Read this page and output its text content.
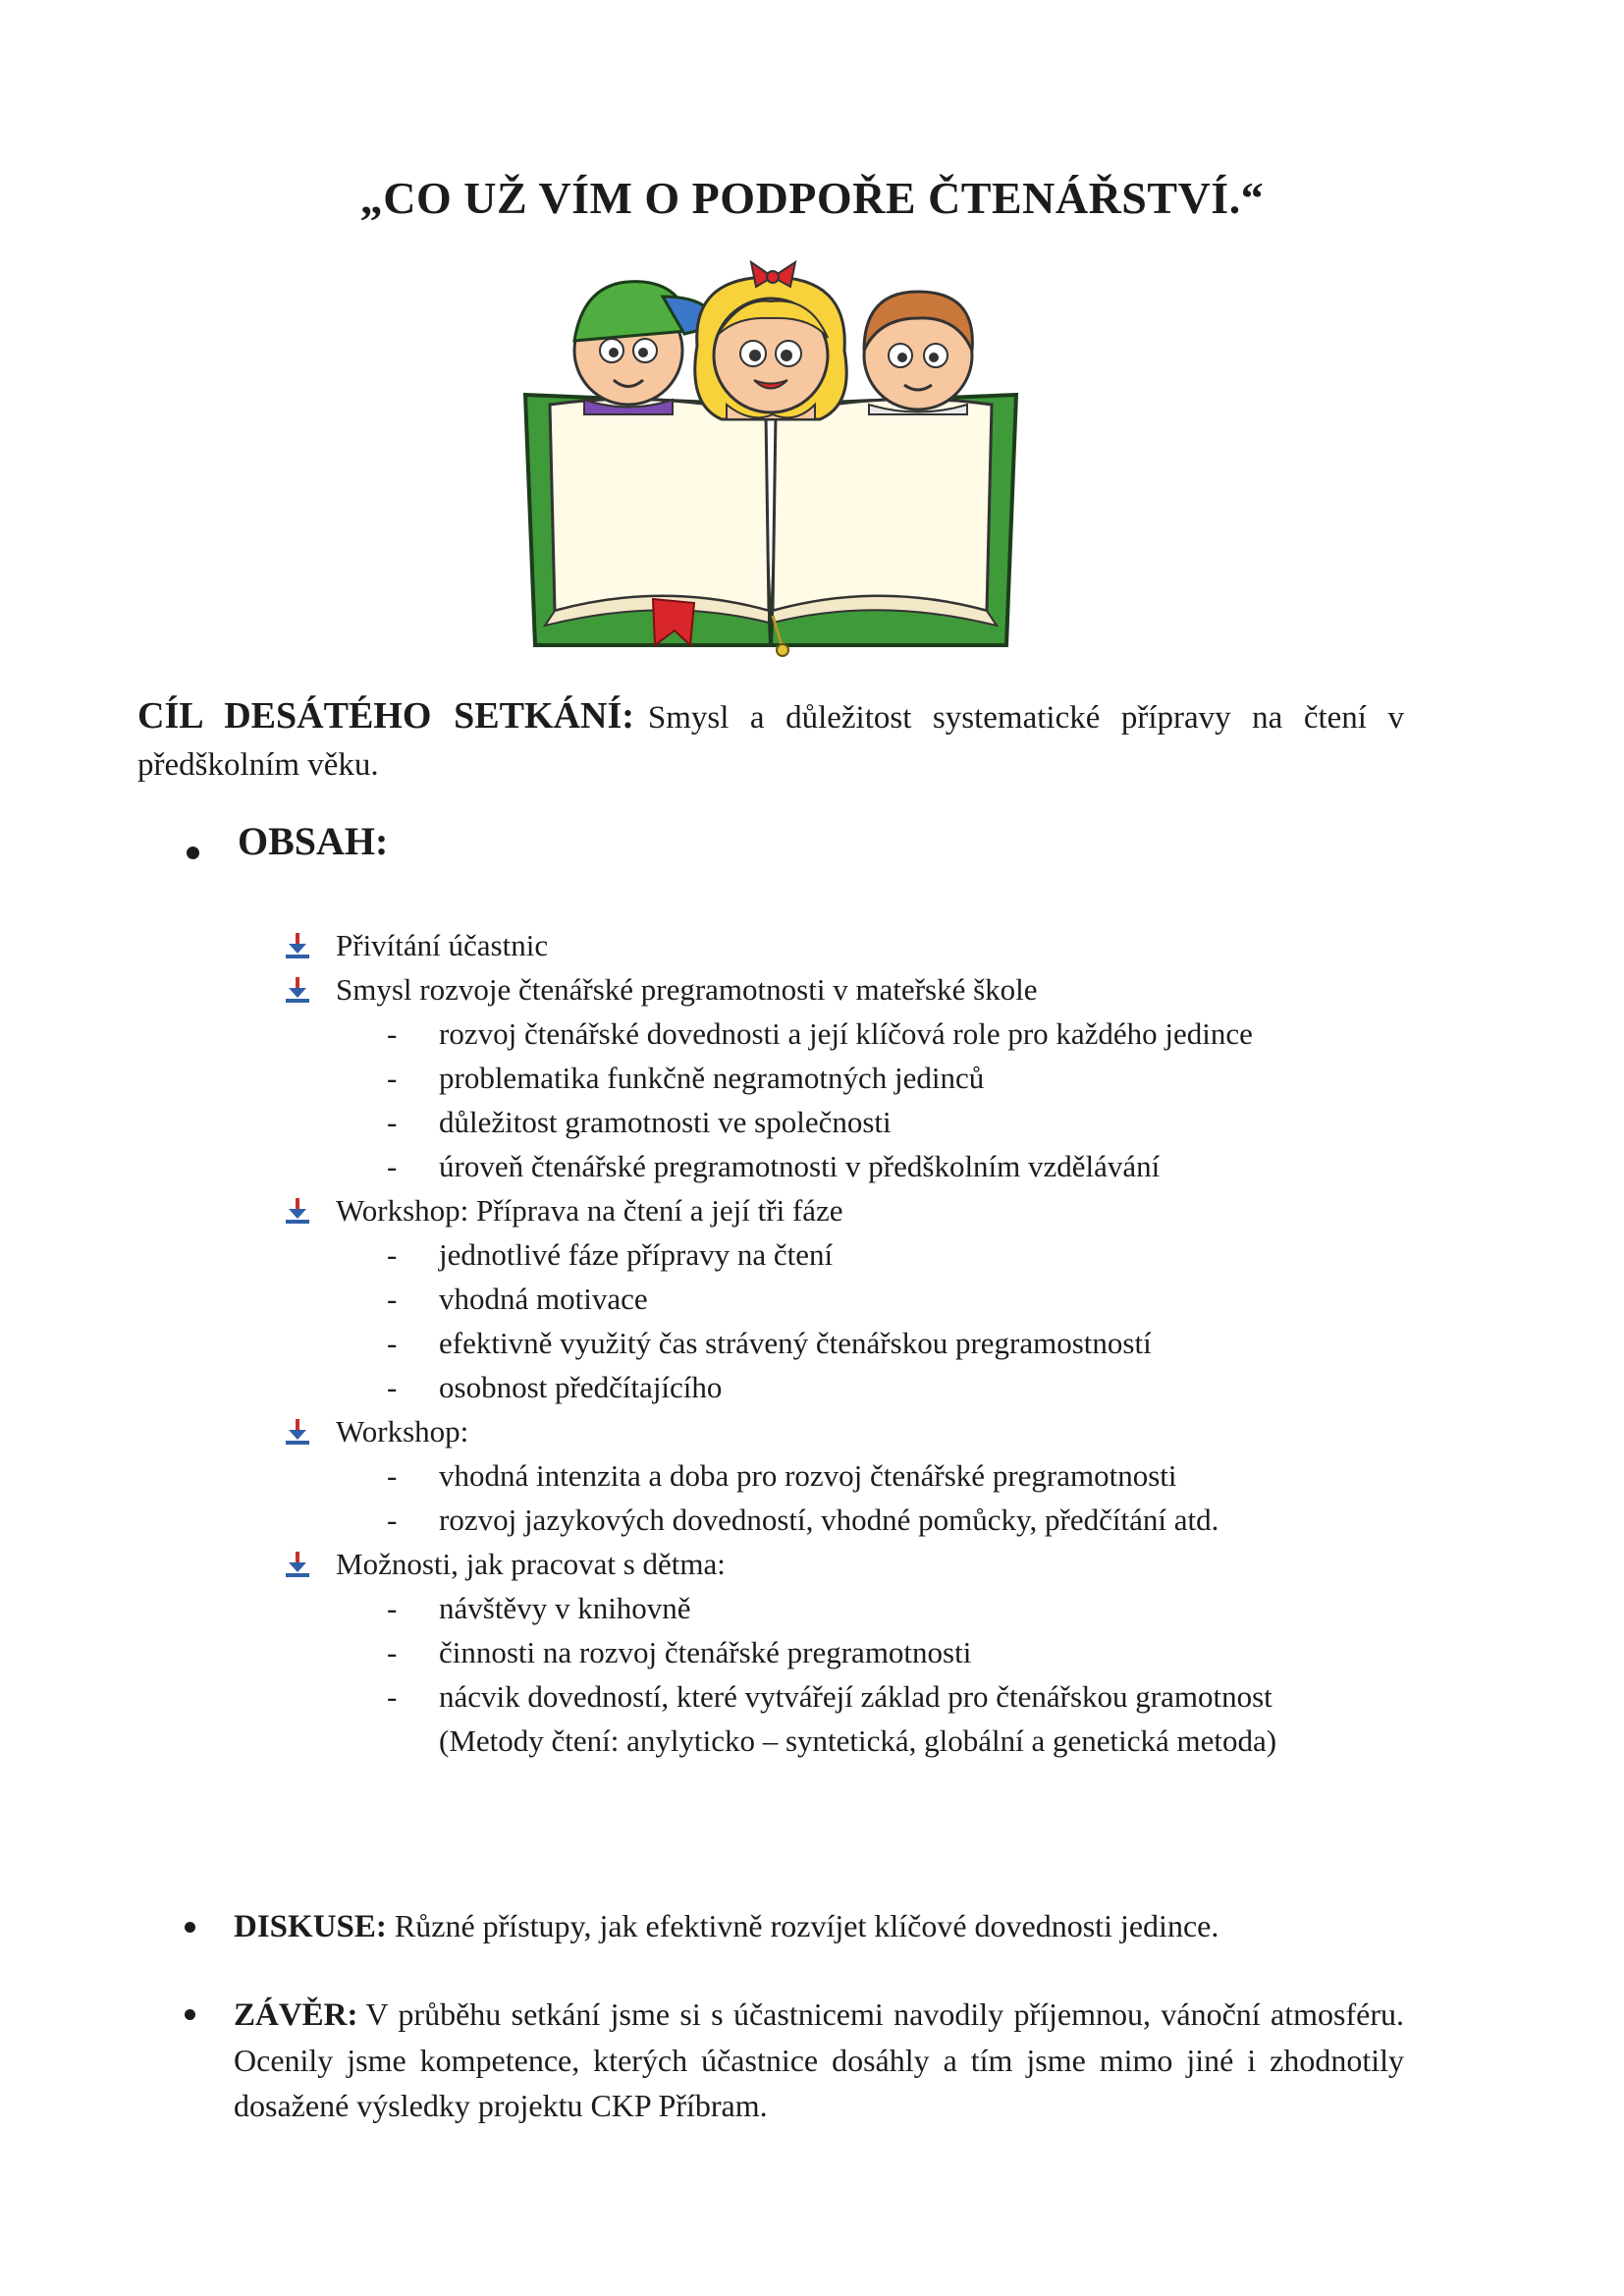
„CO UŽ VÍM O PODPOŘE ČTENÁŘSTVÍ.“
CÍL DESÁTÉHO SETKÁNÍ: Smysl a důležitost systematické přípravy na čtení v předškolním věku.
OBSAH:
Přivítání účastnic
Smysl rozvoje čtenářské pregramotnosti v mateřské škole
- rozvoj čtenářské dovednosti a její klíčová role pro každého jedince
- problematika funkčně negramotných jedinců
- důležitost gramotnosti ve společnosti
- úroveň čtenářské pregramotnosti v předškolním vzdělávání
Workshop: Příprava na čtení a její tři fáze
- jednotlivé fáze přípravy na čtení
- vhodná motivace
- efektivně využitý čas strávený čtenářskou pregramostností
- osobnost předčítajícího
Workshop:
- vhodná intenzita a doba pro rozvoj čtenářské pregramotnosti
- rozvoj jazykových dovedností, vhodné pomůcky, předčítání atd.
Možnosti, jak pracovat s dětma:
- návštěvy v knihovně
- činnosti na rozvoj čtenářské pregramotnosti
- nácvik dovedností, které vytvářejí základ pro čtenářskou gramotnost
(Metody čtení: anylyticko – syntetická, globální a genetická metoda)
DISKUSE: Různé přístupy, jak efektivně rozvíjet klíčové dovednosti jedince.
ZÁVĚR: V průběhu setkání jsme si s účastnicemi navodily příjemnou, vánoční atmosféru. Ocenily jsme kompetence, kterých účastnice dosáhly a tím jsme mimo jiné i zhodnotily dosažené výsledky projektu CKP Příbram.
